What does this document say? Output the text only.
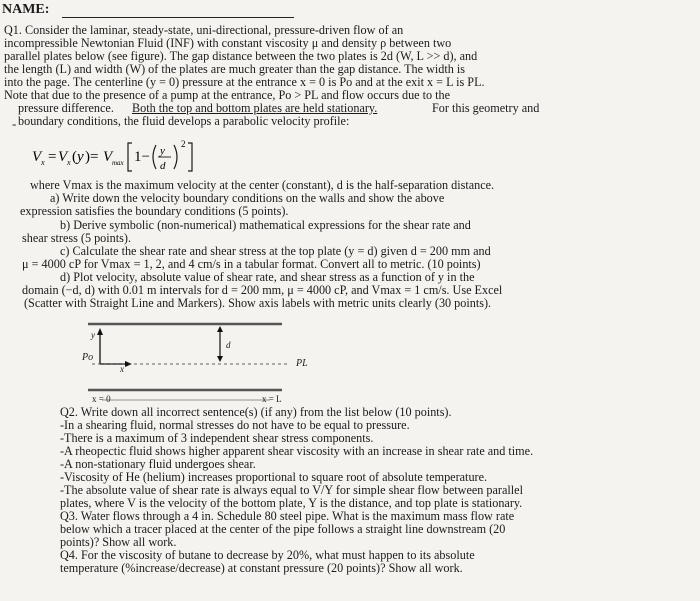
NAME:
Q1. Consider the laminar, steady-state, uni-directional, pressure-driven flow of an
incompressible Newtonian Fluid (INF) with constant viscosity μ and density ρ between two
parallel plates below (see figure). The gap distance between the two plates is 2d (W, L >> d), and
the length (L) and width (W) of the plates are much greater than the gap distance. The width is
into the page. The centerline (y = 0) pressure at the entrance x = 0 is Po and at the exit x = L is PL.
Note that due to the presence of a pump at the entrance, Po > PL and flow occurs due to the
-
pressure difference. Both the top and bottom plates are held stationary.	For this geometry and
boundary conditions, the fluid develops a parabolic velocity profile:
V x = V x ( y )= V max 1− y
d
2
where Vmax is the maximum velocity at the center (constant), d is the half-separation distance.
a) Write down the velocity boundary conditions on the walls and show the above
expression satisfies the boundary conditions (5 points).
b) Derive symbolic (non-numerical) mathematical expressions for the shear rate and
shear stress (5 points).
c) Calculate the shear rate and shear stress at the top plate (y = d) given d = 200 mm and
μ = 4000 cP for Vmax = 1, 2, and 4 cm/s in a tabular format. Convert all to metric. (10 points)
d) Plot velocity, absolute value of shear rate, and shear stress as a function of y in the
domain (−d, d) with 0.01 m intervals for d = 200 mm, μ = 4000 cP, and Vmax = 1 cm/s. Use Excel
(Scatter with Straight Line and Markers). Show axis labels with metric units clearly (30 points).
y
x
d
Po
PL
x = 0	x = L
Q2. Write down all incorrect sentence(s) (if any) from the list below (10 points).
-In a shearing fluid, normal stresses do not have to be equal to pressure.
-There is a maximum of 3 independent shear stress components.
-A rheopectic fluid shows higher apparent shear viscosity with an increase in shear rate and time.
-A non-stationary fluid undergoes shear.
-Viscosity of He (helium) increases proportional to square root of absolute temperature.
-The absolute value of shear rate is always equal to V/Y for simple shear flow between parallel
plates, where V is the velocity of the bottom plate, Y is the distance, and top plate is stationary.
Q3. Water flows through a 4 in. Schedule 80 steel pipe. What is the maximum mass flow rate
below which a tracer placed at the center of the pipe follows a straight line downstream (20
points)? Show all work.
Q4. For the viscosity of butane to decrease by 20%, what must happen to its absolute
temperature (%increase/decrease) at constant pressure (20 points)? Show all work.
